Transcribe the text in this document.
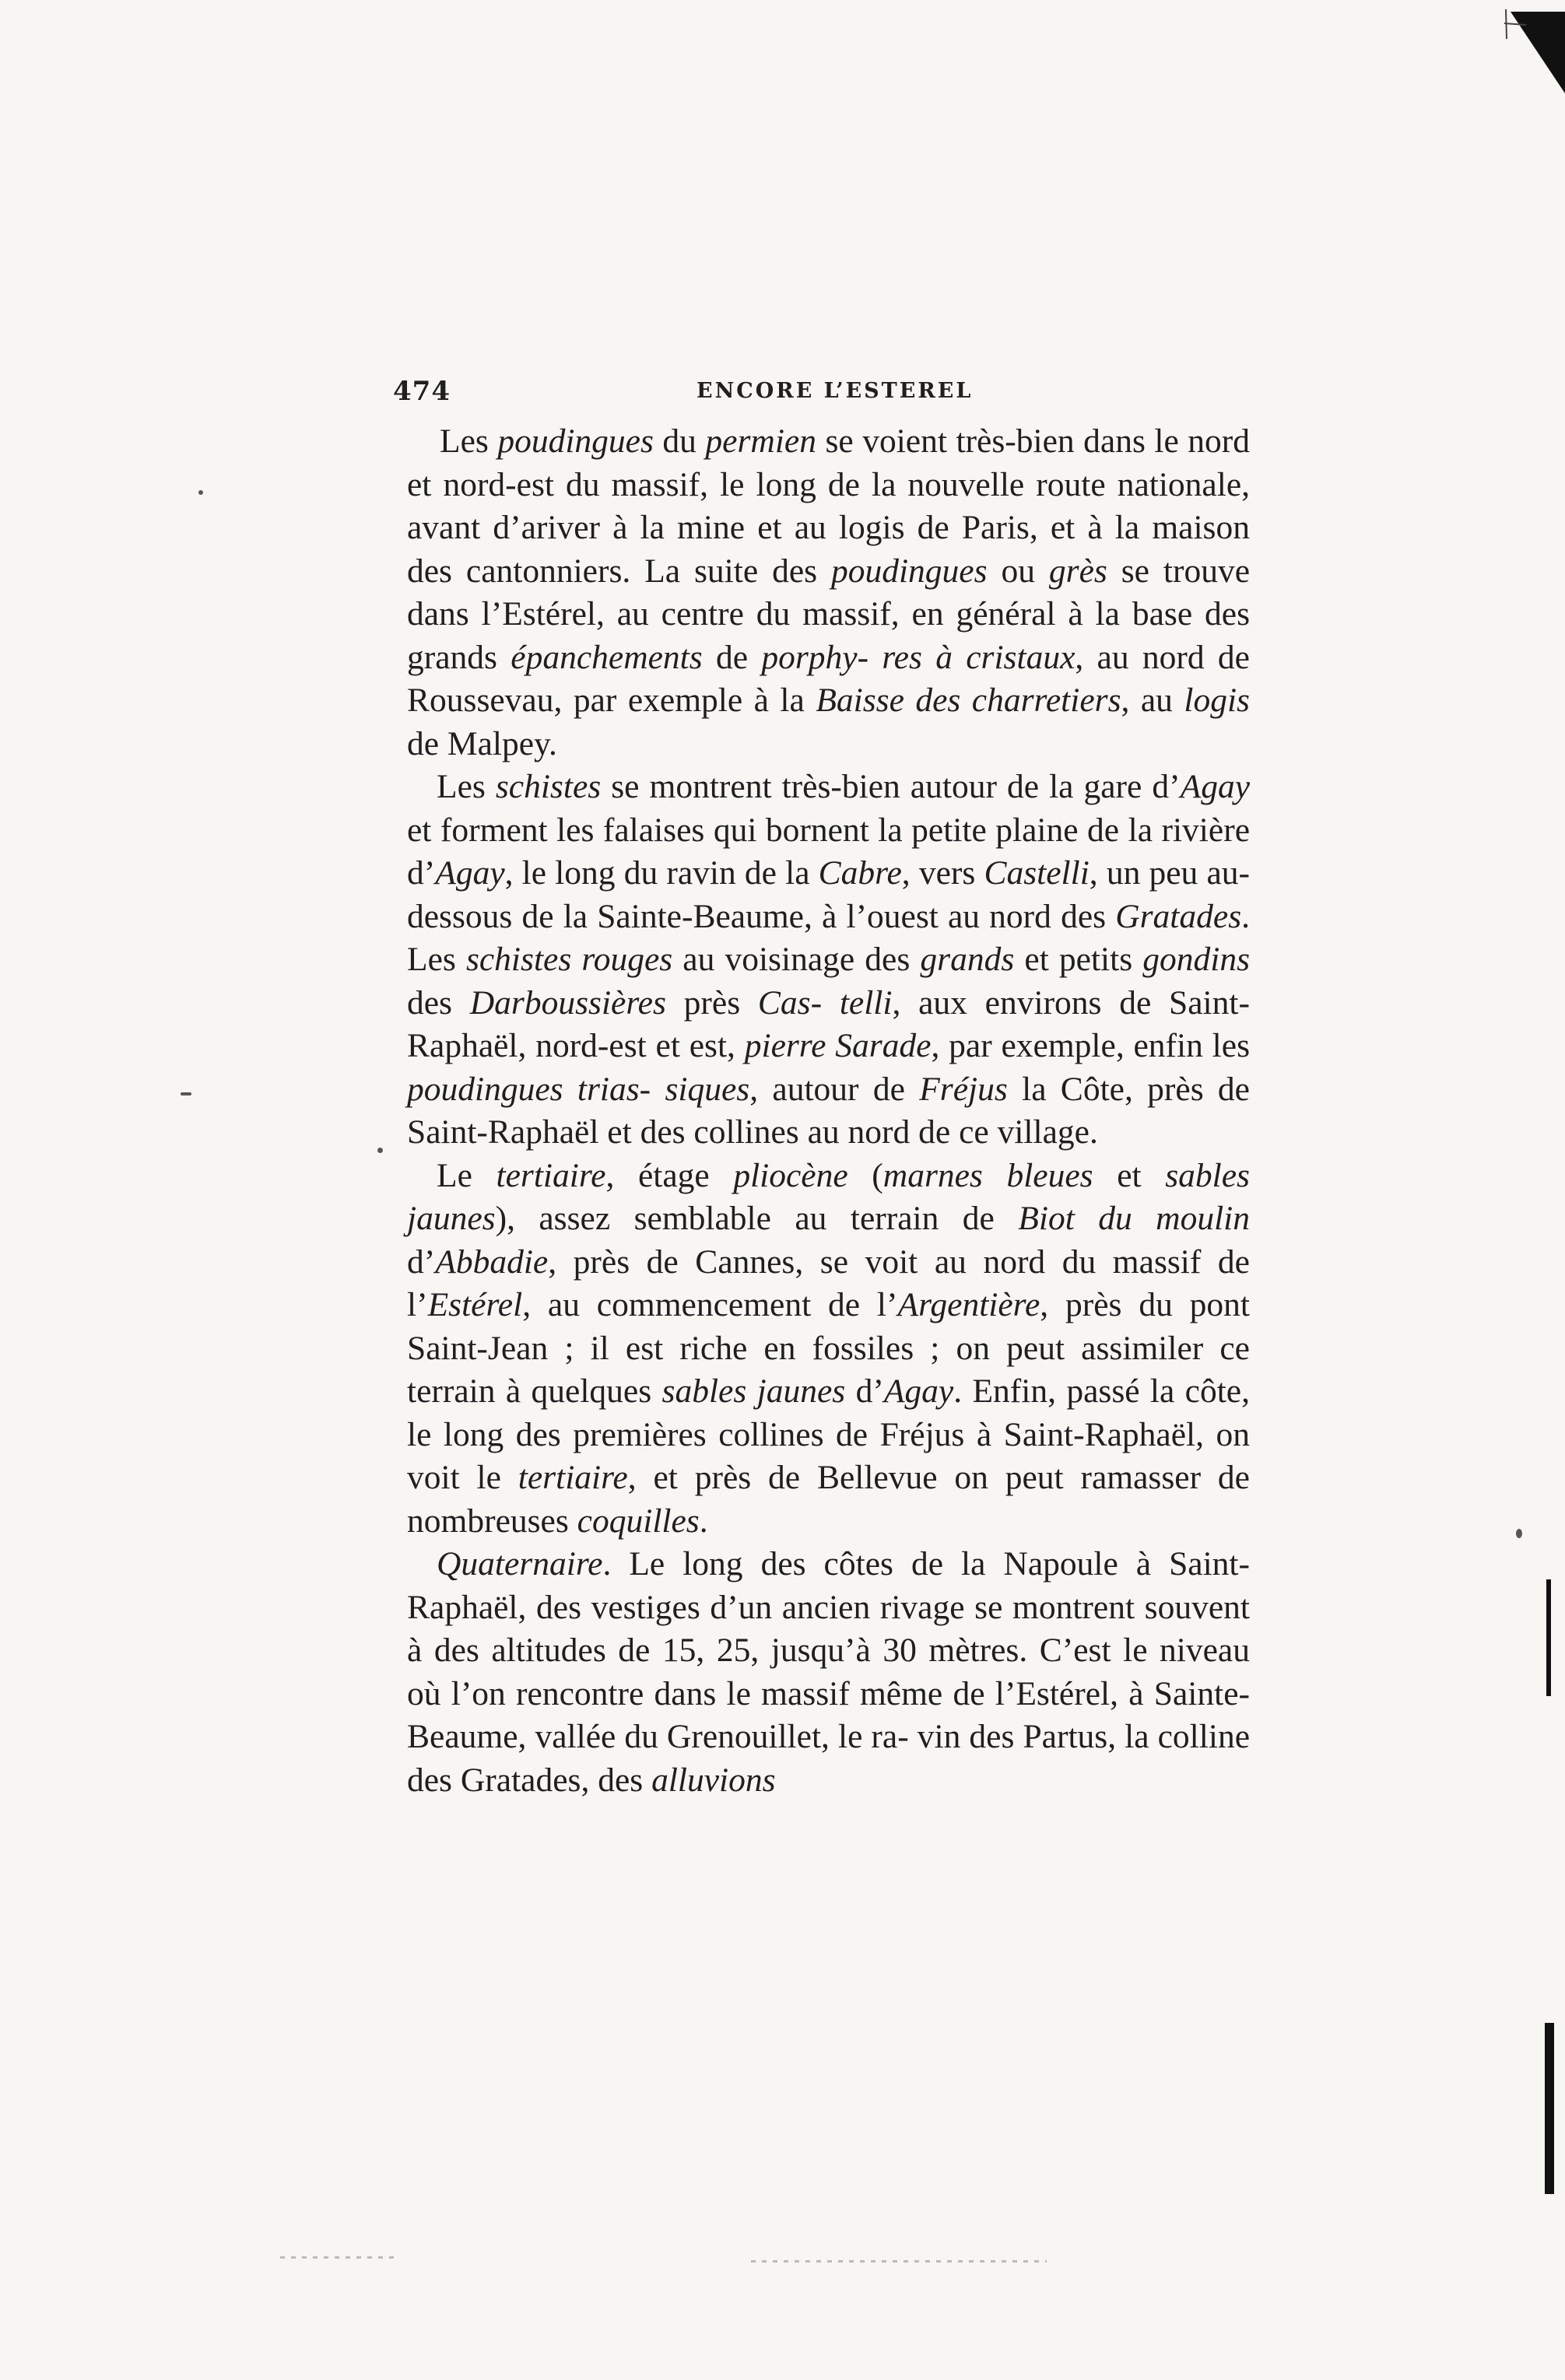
474	ENCORE L’ESTEREL

Les poudingues du permien se voient très-bien dans le nord et nord-est du massif, le long de la nouvelle route nationale, avant d’ariver à la mine et au logis de Paris, et à la maison des cantonniers. La suite des poudingues ou grès se trouve dans l’Estérel, au centre du massif, en général à la base des grands épanchements de porphy- res à cristaux, au nord de Roussevau, par exemple à la Baisse des charretiers, au logis de Malpey.

Les schistes se montrent très-bien autour de la gare d’Agay et forment les falaises qui bornent la petite plaine de la rivière d’Agay, le long du ravin de la Cabre, vers Castelli, un peu au-dessous de la Sainte-Beaume, à l’ouest au nord des Gratades. Les schistes rouges au voisinage des grands et petits gondins des Darboussières près Cas- telli, aux environs de Saint-Raphaël, nord-est et est, pierre Sarade, par exemple, enfin les poudingues trias- siques, autour de Fréjus la Côte, près de Saint-Raphaël et des collines au nord de ce village.

Le tertiaire, étage pliocène (marnes bleues et sables jaunes), assez semblable au terrain de Biot du moulin d’Abbadie, près de Cannes, se voit au nord du massif de l’Estérel, au commencement de l’Argentière, près du pont Saint-Jean ; il est riche en fossiles ; on peut assimiler ce terrain à quelques sables jaunes d’Agay. Enfin, passé la côte, le long des premières collines de Fréjus à Saint-Raphaël, on voit le tertiaire, et près de Bellevue on peut ramasser de nombreuses coquilles.

Quaternaire. Le long des côtes de la Napoule à Saint-Raphaël, des vestiges d’un ancien rivage se montrent souvent à des altitudes de 15, 25, jusqu’à 30 mètres. C’est le niveau où l’on rencontre dans le massif même de l’Estérel, à Sainte-Beaume, vallée du Grenouillet, le ra- vin des Partus, la colline des Gratades, des alluvions
